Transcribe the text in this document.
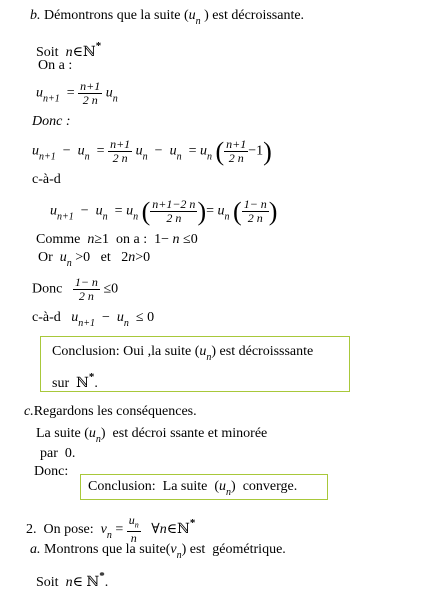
b. Démontrons que la suite ($u_n$ ) est décroissante.
Soit  n∈ℕ*
On a :
$u_{n+1} = \frac{n+1}{2 n} u_n$
Donc :
$u_{n+1} - u_n = \frac{n+1}{2 n} u_n - u_n = u_n$ ( $\frac{n+1}{2 n} -1$)
c-à-d
$u_{n+1} - u_n = u_n$ ( $\frac{n+1-2 n}{2 n}$ )= $u_n$ ( $\frac{1- n}{2 n}$ )
Comme  n≥1  on a :  1− n ≤0
Or  $u_n >0$   et   2n>0
Donc $\frac{1- n}{2 n} \le 0$
c-à-d   $u_{n+1} - u_n \le 0$
Conclusion: Oui ,la suite $(u_n)$ est décroisssante
sur  ℕ*.
c.Regardons les conséquences.
La suite $(u_n)$  est décroi ssante et minorée
par  0.
Donc:
Conclusion:  La suite  $(u_n)$  converge.
2.  On pose:  $v_n = \frac{u_n}{n}$ ∀n∈ℕ*
a. Montrons que la $suite(v_n)$ est  géométrique.
Soit  n∈ ℕ*.
